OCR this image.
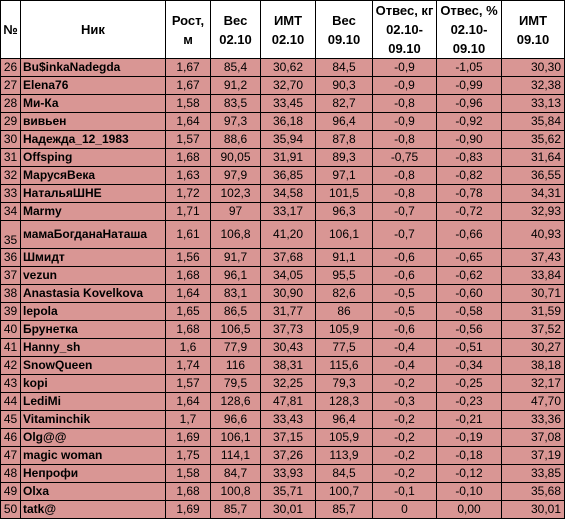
№	Ник	Рост, м	Вес 02.10	ИМТ 02.10	Вес 09.10	Отвес, кг 02.10-09.10	Отвес, % 02.10-09.10	ИМТ 09.10
26	Bu$inkaNadegda	1,67	85,4	30,62	84,5	-0,9	-1,05	30,30
27	Elena76	1,67	91,2	32,70	90,3	-0,9	-0,99	32,38
28	Ми-Ка	1,58	83,5	33,45	82,7	-0,8	-0,96	33,13
29	вивьен	1,64	97,3	36,18	96,4	-0,9	-0,92	35,84
30	Надежда_12_1983	1,57	88,6	35,94	87,8	-0,8	-0,90	35,62
31	Offsping	1,68	90,05	31,91	89,3	-0,75	-0,83	31,64
32	МарусяВека	1,63	97,9	36,85	97,1	-0,8	-0,82	36,55
33	НатальяШНЕ	1,72	102,3	34,58	101,5	-0,8	-0,78	34,31
34	Marmy	1,71	97	33,17	96,3	-0,7	-0,72	32,93
35	мамаБогданаНаташа	1,61	106,8	41,20	106,1	-0,7	-0,66	40,93
36	Шмидт	1,56	91,7	37,68	91,1	-0,6	-0,65	37,43
37	vezun	1,68	96,1	34,05	95,5	-0,6	-0,62	33,84
38	Anastasia Kovelkova	1,64	83,1	30,90	82,6	-0,5	-0,60	30,71
39	lepola	1,65	86,5	31,77	86	-0,5	-0,58	31,59
40	Брунетка	1,68	106,5	37,73	105,9	-0,6	-0,56	37,52
41	Hanny_sh	1,6	77,9	30,43	77,5	-0,4	-0,51	30,27
42	SnowQueen	1,74	116	38,31	115,6	-0,4	-0,34	38,18
43	kopi	1,57	79,5	32,25	79,3	-0,2	-0,25	32,17
44	LediMi	1,64	128,6	47,81	128,3	-0,3	-0,23	47,70
45	Vitaminchik	1,7	96,6	33,43	96,4	-0,2	-0,21	33,36
46	Olg@@	1,69	106,1	37,15	105,9	-0,2	-0,19	37,08
47	magic woman	1,75	114,1	37,26	113,9	-0,2	-0,18	37,19
48	Непрофи	1,58	84,7	33,93	84,5	-0,2	-0,12	33,85
49	Olxa	1,68	100,8	35,71	100,7	-0,1	-0,10	35,68
50	tatk@	1,69	85,7	30,01	85,7	0	0,00	30,01
